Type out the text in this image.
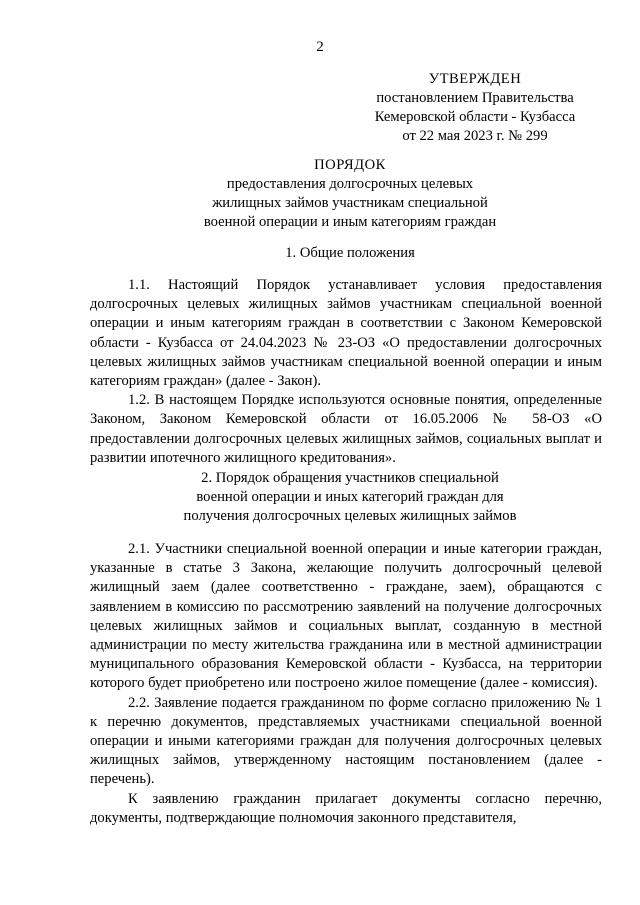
2
УТВЕРЖДЕН
постановлением Правительства
Кемеровской области - Кузбасса
от 22 мая 2023 г. № 299
ПОРЯДОК
предоставления долгосрочных целевых
жилищных займов участникам специальной
военной операции и иным категориям граждан
1. Общие положения

1.1. Настоящий Порядок устанавливает условия предоставления долгосрочных целевых жилищных займов участникам специальной военной операции и иным категориям граждан в соответствии с Законом Кемеровской области - Кузбасса от 24.04.2023 № 23-ОЗ «О предоставлении долгосрочных целевых жилищных займов участникам специальной военной операции и иным категориям граждан» (далее - Закон).

1.2. В настоящем Порядке используются основные понятия, определенные Законом, Законом Кемеровской области от 16.05.2006 № 58-ОЗ «О предоставлении долгосрочных целевых жилищных займов, социальных выплат и развитии ипотечного жилищного кредитования».

2. Порядок обращения участников специальной
военной операции и иных категорий граждан для
получения долгосрочных целевых жилищных займов

2.1. Участники специальной военной операции и иные категории граждан, указанные в статье 3 Закона, желающие получить долгосрочный целевой жилищный заем (далее соответственно - граждане, заем), обращаются с заявлением в комиссию по рассмотрению заявлений на получение долгосрочных целевых жилищных займов и социальных выплат, созданную в местной администрации по месту жительства гражданина или в местной администрации муниципального образования Кемеровской области - Кузбасса, на территории которого будет приобретено или построено жилое помещение (далее - комиссия).

2.2. Заявление подается гражданином по форме согласно приложению № 1 к перечню документов, представляемых участниками специальной военной операции и иными категориями граждан для получения долгосрочных целевых жилищных займов, утвержденному настоящим постановлением (далее - перечень).

К заявлению гражданин прилагает документы согласно перечню, документы, подтверждающие полномочия законного представителя,
